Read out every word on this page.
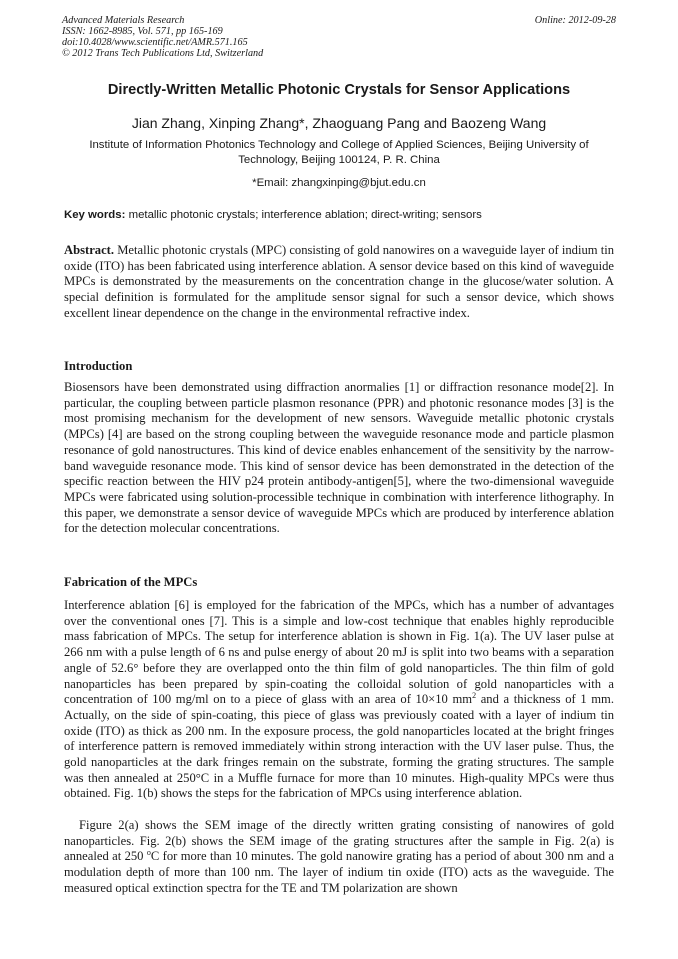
Advanced Materials Research
ISSN: 1662-8985, Vol. 571, pp 165-169
doi:10.4028/www.scientific.net/AMR.571.165
© 2012 Trans Tech Publications Ltd, Switzerland
Online: 2012-09-28
Directly-Written Metallic Photonic Crystals for Sensor Applications
Jian Zhang, Xinping Zhang*, Zhaoguang Pang and Baozeng Wang
Institute of Information Photonics Technology and College of Applied Sciences, Beijing University of Technology, Beijing 100124, P. R. China
*Email: zhangxinping@bjut.edu.cn
Key words: metallic photonic crystals; interference ablation; direct-writing; sensors
Abstract. Metallic photonic crystals (MPC) consisting of gold nanowires on a waveguide layer of indium tin oxide (ITO) has been fabricated using interference ablation. A sensor device based on this kind of waveguide MPCs is demonstrated by the measurements on the concentration change in the glucose/water solution. A special definition is formulated for the amplitude sensor signal for such a sensor device, which shows excellent linear dependence on the change in the environmental refractive index.
Introduction
Biosensors have been demonstrated using diffraction anormalies [1] or diffraction resonance mode[2]. In particular, the coupling between particle plasmon resonance (PPR) and photonic resonance modes [3] is the most promising mechanism for the development of new sensors. Waveguide metallic photonic crystals (MPCs) [4] are based on the strong coupling between the waveguide resonance mode and particle plasmon resonance of gold nanostructures. This kind of device enables enhancement of the sensitivity by the narrow-band waveguide resonance mode. This kind of sensor device has been demonstrated in the detection of the specific reaction between the HIV p24 protein antibody-antigen[5], where the two-dimensional waveguide MPCs were fabricated using solution-processible technique in combination with interference lithography. In this paper, we demonstrate a sensor device of waveguide MPCs which are produced by interference ablation for the detection molecular concentrations.
Fabrication of the MPCs
Interference ablation [6] is employed for the fabrication of the MPCs, which has a number of advantages over the conventional ones [7]. This is a simple and low-cost technique that enables highly reproducible mass fabrication of MPCs. The setup for interference ablation is shown in Fig. 1(a). The UV laser pulse at 266 nm with a pulse length of 6 ns and pulse energy of about 20 mJ is split into two beams with a separation angle of 52.6° before they are overlapped onto the thin film of gold nanoparticles. The thin film of gold nanoparticles has been prepared by spin-coating the colloidal solution of gold nanoparticles with a concentration of 100 mg/ml on to a piece of glass with an area of 10×10 $mm^2$ and a thickness of 1 mm. Actually, on the side of spin-coating, this piece of glass was previously coated with a layer of indium tin oxide (ITO) as thick as 200 nm. In the exposure process, the gold nanoparticles located at the bright fringes of interference pattern is removed immediately within strong interaction with the UV laser pulse. Thus, the gold nanoparticles at the dark fringes remain on the substrate, forming the grating structures. The sample was then annealed at 250°C in a Muffle furnace for more than 10 minutes. High-quality MPCs were thus obtained. Fig. 1(b) shows the steps for the fabrication of MPCs using interference ablation.
Figure 2(a) shows the SEM image of the directly written grating consisting of nanowires of gold nanoparticles. Fig. 2(b) shows the SEM image of the grating structures after the sample in Fig. 2(a) is annealed at 250 $^o$C for more than 10 minutes. The gold nanowire grating has a period of about 300 nm and a modulation depth of more than 100 nm. The layer of indium tin oxide (ITO) acts as the waveguide. The measured optical extinction spectra for the TE and TM polarization are shown
